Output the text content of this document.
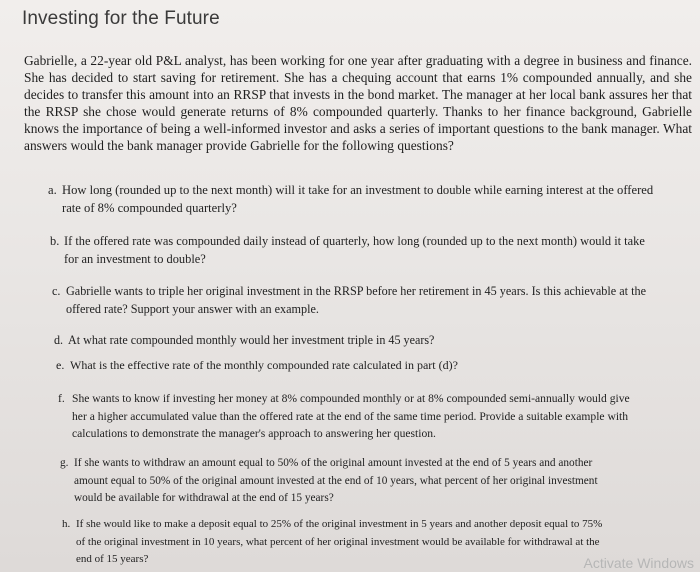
Investing for the Future

Gabrielle, a 22-year old P&L analyst, has been working for one year after graduating with a degree in business and finance. She has decided to start saving for retirement. She has a chequing account that earns 1% compounded annually, and she decides to transfer this amount into an RRSP that invests in the bond market. The manager at her local bank assures her that the RRSP she chose would generate returns of 8% compounded quarterly. Thanks to her finance background, Gabrielle knows the importance of being a well-informed investor and asks a series of important questions to the bank manager. What answers would the bank manager provide Gabrielle for the following questions?

a. How long (rounded up to the next month) will it take for an investment to double while earning interest at the offered
rate of 8% compounded quarterly?
b. If the offered rate was compounded daily instead of quarterly, how long (rounded up to the next month) would it take
for an investment to double?
c. Gabrielle wants to triple her original investment in the RRSP before her retirement in 45 years. Is this achievable at the
offered rate? Support your answer with an example.
d. At what rate compounded monthly would her investment triple in 45 years?
e. What is the effective rate of the monthly compounded rate calculated in part (d)?
f. She wants to know if investing her money at 8% compounded monthly or at 8% compounded semi-annually would give
her a higher accumulated value than the offered rate at the end of the same time period. Provide a suitable example with
calculations to demonstrate the manager's approach to answering her question.
g. If she wants to withdraw an amount equal to 50% of the original amount invested at the end of 5 years and another
amount equal to 50% of the original amount invested at the end of 10 years, what percent of her original investment
would be available for withdrawal at the end of 15 years?
h. If she would like to make a deposit equal to 25% of the original investment in 5 years and another deposit equal to 75%
of the original investment in 10 years, what percent of her original investment would be available for withdrawal at the
end of 15 years?	Activate Windows
